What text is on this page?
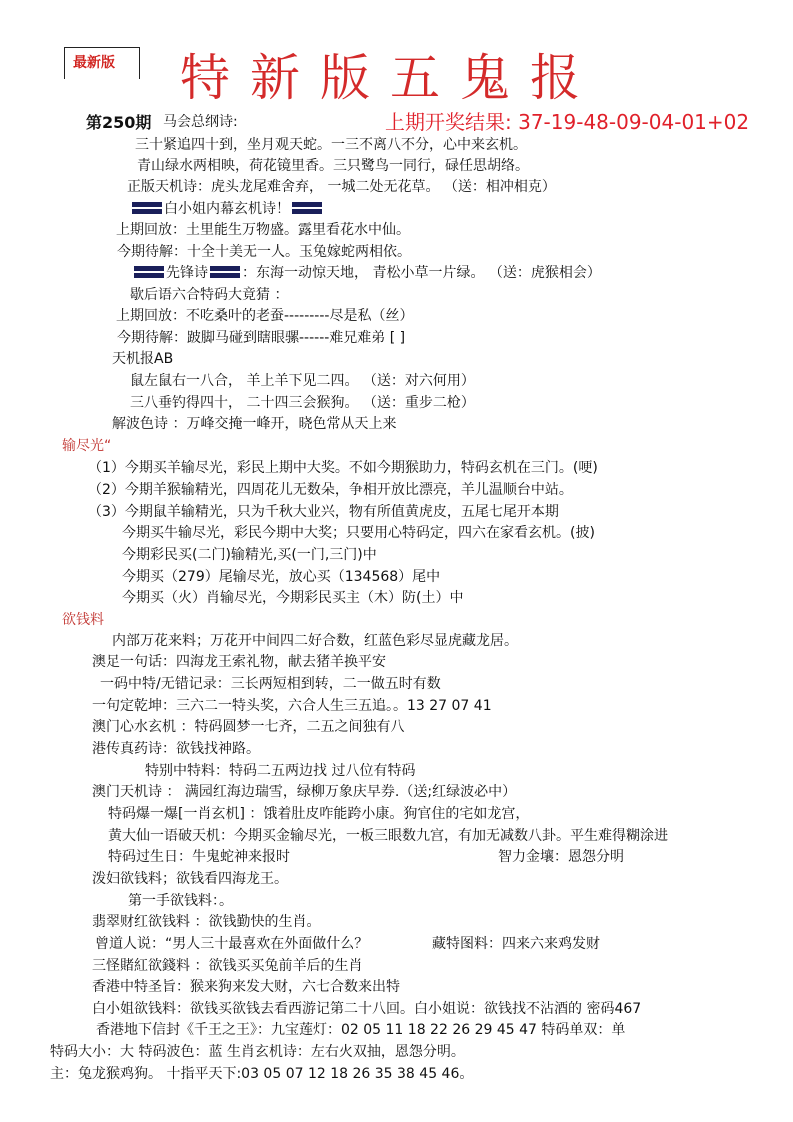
最新版 特新版五鬼报
第250期 马会总纲诗:	上期开奖结果: 37-19-48-09-04-01+02
三十紧追四十到，坐月观天蛇。一三不离八不分，心中来玄机。
青山绿水两相映，荷花镜里香。三只鹭鸟一同行，碌任思胡络。
正版天机诗：虎头龙尾难舍弃， 一城二处无花草。 （送：相冲相克）
白小姐内幕玄机诗！
上期回放：土里能生万物盛。露里看花水中仙。
今期待解：十全十美无一人。玉兔嫁蛇两相依。
先锋诗 ：东海一动惊天地， 青松小草一片绿。 （送：虎猴相会）
歇后语六合特码大竟猜 ：
上期回放：不吃桑叶的老蚕---------尽是私（丝）
今期待解：跛脚马碰到瞎眼骡------难兄难弟 [ ]
天机报AB
鼠左鼠右一八合， 羊上羊下见二四。 （送：对六何用）
三八垂钓得四十， 二十四三会猴狗。 （送：重步二枪）
解波色诗 ：万峰交掩一峰开，晓色常从天上来
输尽光“
（1）今期买羊输尽光，彩民上期中大奖。不如今期猴助力，特码玄机在三门。(哽)
（2）今期羊猴输精光，四周花儿无数朵，争相开放比漂亮，羊儿温顺台中站。
（3）今期鼠羊输精光，只为千秋大业兴，物有所值黄虎皮，五尾七尾开本期
今期买牛输尽光，彩民今期中大奖；只要用心特码定，四六在家看玄机。(披)
今期彩民买(二门)输精光,买(一门,三门)中
今期买（279）尾输尽光，放心买（134568）尾中
今期买（火）肖输尽光，今期彩民买主（木）防(土）中
欲钱料
内部万花来料；万花开中间四二好合数，红蓝色彩尽显虎藏龙居。
澳足一句话：四海龙王索礼物，献去猪羊换平安
一码中特/无错记录：三长两短相到转，二一做五时有数
一句定乾坤：三六二一特头奖，六合人生三五追。。13 27 07 41
澳门心水玄机 ：特码圆梦一七齐，二五之间独有八
港传真药诗：欲钱找神路。
特别中特料：特码二五两边找 过八位有特码
澳门天机诗 ： 满园红海边瑞雪，绿柳万象庆早券.（送;红绿波必中）
特码爆一爆[一肖玄机] ：饿着肚皮咋能跨小康。狗官住的宅如龙宫，
黄大仙一语破天机：今期买金输尽光，一板三眼数九宫，有加无减数八卦。平生难得糊涂进
特码过生日：牛鬼蛇神来报时	智力金壤：恩怨分明
泼妇欲钱料；欲钱看四海龙王。
第一手欲钱料：。
翡翠财红欲钱料 ：欲钱勤快的生肖。
曾道人说：“男人三十最喜欢在外面做什么？	藏特图料：四来六来鸡发财
三怪賭紅欲錢料 ：欲钱买买兔前羊后的生肖
香港中特圣旨：猴来狗来发大财，六七合数来出特
白小姐欲钱料：欲钱买欲钱去看西游记第二十八回。白小姐说：欲钱找不沾酒的 密码467
香港地下信封《千王之王》：九宝莲灯：02 05 11 18 22 26 29 45 47 特码单双：单
特码大小：大 特码波色：蓝 生肖玄机诗：左右火双抽，恩怨分明。
主：兔龙猴鸡狗。 十指平天下:03 05 07 12 18 26 35 38 45 46。
